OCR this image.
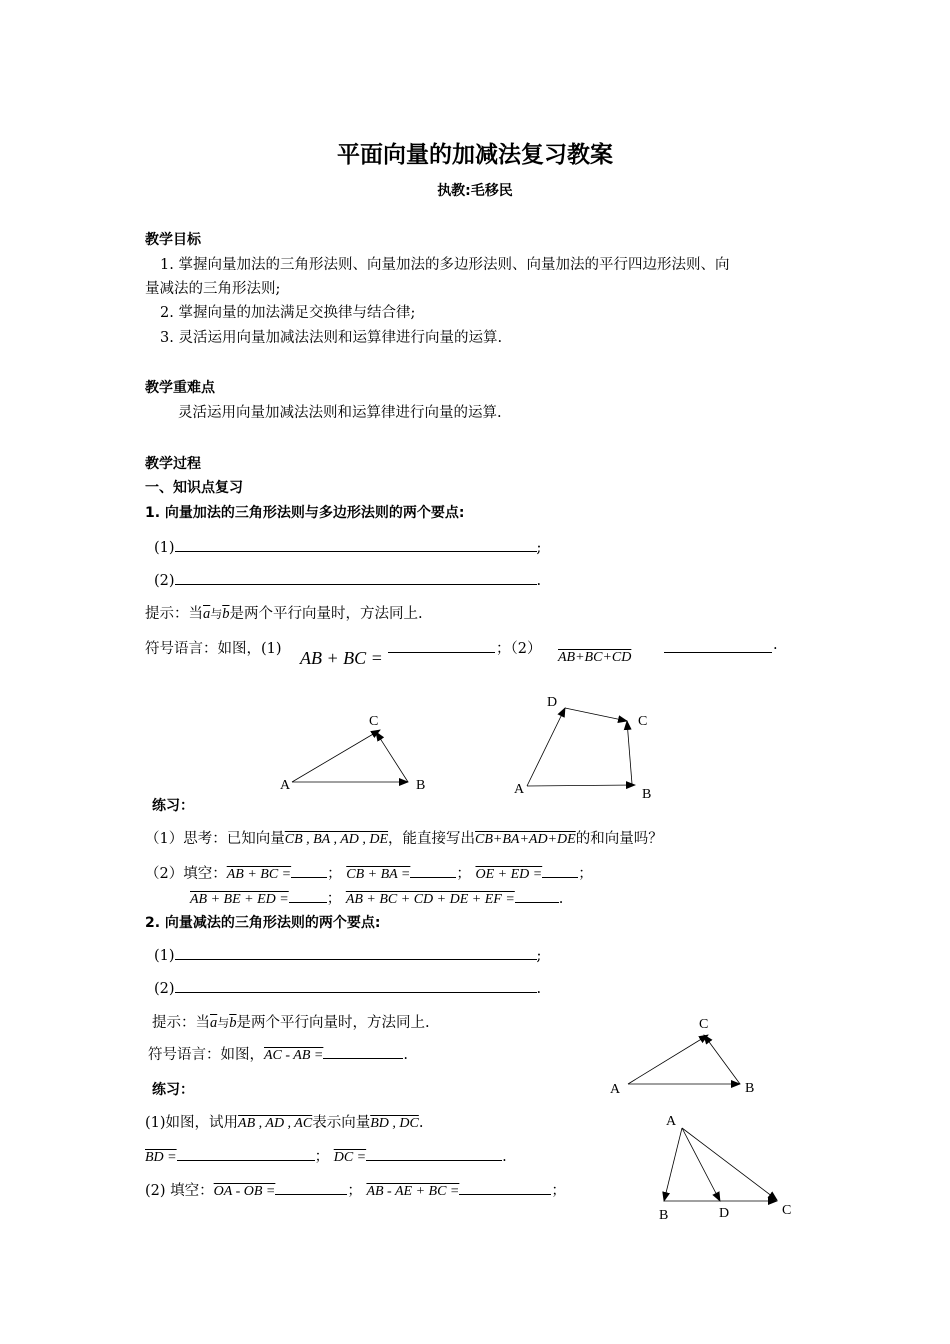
平面向量的加减法复习教案
执教:毛移民
教学目标
1. 掌握向量加法的三角形法则、向量加法的多边形法则、向量加法的平行四边形法则、向
量减法的三角形法则;
2. 掌握向量的加法满足交换律与结合律;
3. 灵活运用向量加减法法则和运算律进行向量的运算.
教学重难点
灵活运用向量加减法法则和运算律进行向量的运算.
教学过程
一、知识点复习
1. 向量加法的三角形法则与多边形法则的两个要点:
(1)	;
(2)	.
提示：当$\overline{a}$与$\overline{b}$是两个平行向量时，方法同上.
符号语言：如图，(1) AB + BC =	；（2）
AB+BC+CD
.
A	B
C
A	B
C
D
练习：
（1）思考：已知向量CB , BA , AD , DE，能直接写出CB+BA+AD+DE的和向量吗？
（2）填空：AB + BC = ； CB + BA =	； OE + ED = ；
AB + BE + ED =	； AB + BC + CD + DE + EF =	.
2. 向量减法的三角形法则的两个要点:
(1)	;
(2)	.
提示：当$\overline{a}$与$\overline{b}$是两个平行向量时，方法同上.
符号语言：如图，AC - AB =	.
A	B
C
练习：
(1)如图，试用AB , AD , AC表示向量BD , DC.
BD =	； DC =	.
(2) 填空：OA - OB =	； AB - AE + BC =	；
A
B	C
D
